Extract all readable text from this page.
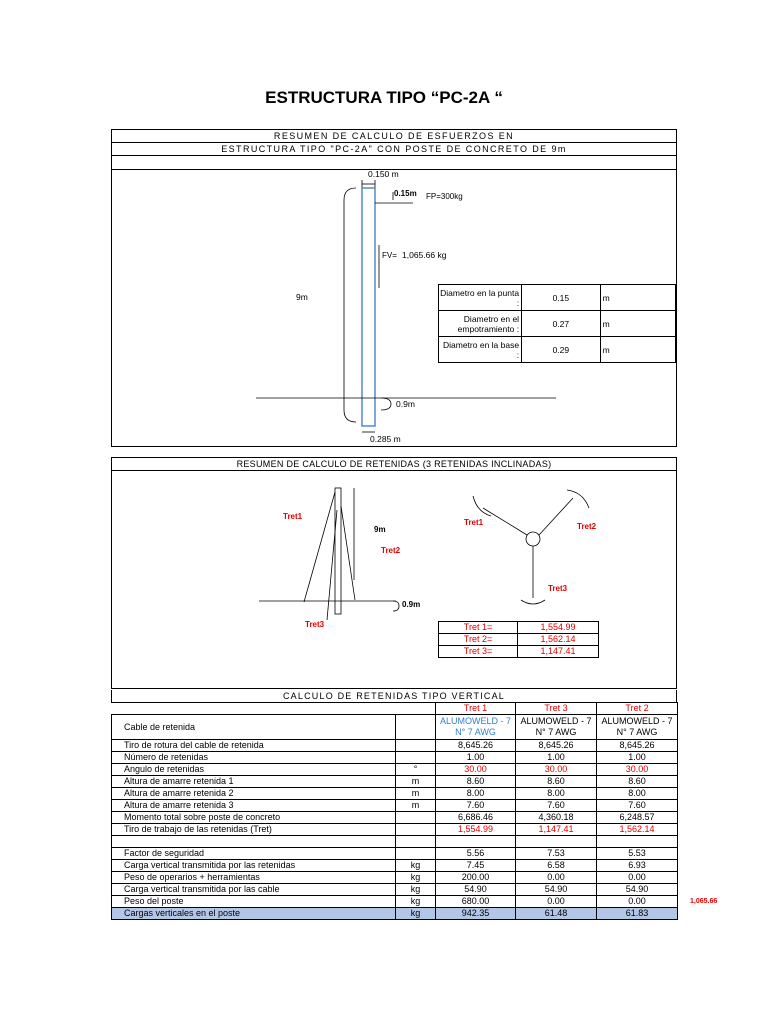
ESTRUCTURA TIPO “PC-2A “
RESUMEN DE CALCULO DE ESFUERZOS EN
ESTRUCTURA TIPO "PC-2A" CON POSTE DE CONCRETO DE 9m
0.150 m
0.15m FP=300kg
FV= 1,065.66 kg
9m
0.9m
0.285 m
Diametro en la punta :	0.15	m
Diametro en el empotramiento :	0.27	m
Diametro en la base :	0.29	m
RESUMEN DE CALCULO DE RETENIDAS (3 RETENIDAS INCLINADAS)
Tret1
Tret2
Tret3
9m
0.9m
Tret1	Tret2
Tret3
Tret 1=	1,554.99
Tret 2=	1,562.14
Tret 3=	1,147.41
CALCULO DE RETENIDAS TIPO VERTICAL
		Tret 1	Tret 3	Tret 2
Cable de retenida		ALUMOWELD - 7 N° 7 AWG	ALUMOWELD - 7 N° 7 AWG	ALUMOWELD - 7 N° 7 AWG
Tiro de rotura del cable de retenida		8,645.26	8,645.26	8,645.26
Número de retenidas		1.00	1.00	1.00
Angulo de retenidas	°	30.00	30.00	30.00
Altura de amarre retenida 1	m	8.60	8.60	8.60
Altura de amarre retenida 2	m	8.00	8.00	8.00
Altura de amarre retenida 3	m	7.60	7.60	7.60
Momento total sobre poste de concreto		6,686.46	4,360.18	6,248.57
Tiro de trabajo de las retenidas (Tret)		1,554.99	1,147.41	1,562.14

Factor de seguridad		5.56	7.53	5.53
Carga vertical transmitida por las retenidas	kg	7.45	6.58	6.93
Peso de operarios + herramientas	kg	200.00	0.00	0.00
Carga vertical transmitida por las cable	kg	54.90	54.90	54.90
Peso del poste	kg	680.00	0.00	0.00
Cargas verticales en el poste	kg	942.35	61.48	61.83
1,065.66
